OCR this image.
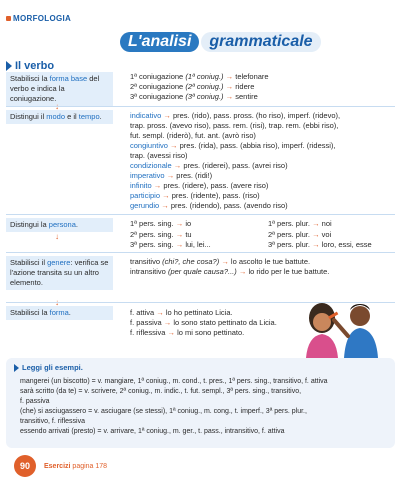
MORFOLOGIA
L'analisi grammaticale
Il verbo
Stabilisci la forma base del verbo e indica la coniugazione.
Distingui il modo e il tempo.
↓
Distingui la persona.
Stabilisci il genere: verifica se l'azione transita su un altro elemento.
Stabilisci la forma.
1ª coniugazione (1ª coniug.) → telefonare
2ª coniugazione (2ª coniug.) → ridere
3ª coniugazione (3ª coniug.) → sentire
indicativo → pres. (rido), pass. pross. (ho riso), imperf. (ridevo),
trap. pross. (avevo riso), pass. rem. (risi), trap. rem. (ebbi riso),
fut. sempl. (riderò), fut. ant. (avrò riso)
congiuntivo → pres. (rida), pass. (abbia riso), imperf. (ridessi),
trap. (avessi riso)
condizionale → pres. (riderei), pass. (avrei riso)
imperativo → pres. (ridi!)
infinito → pres. (ridere), pass. (avere riso)
participio → pres. (ridente), pass. (riso)
gerundio → pres. (ridendo), pass. (avendo riso)
1ª pers. sing. → io
2ª pers. sing. → tu
3ª pers. sing. → lui, lei...
1ª pers. plur. → noi
2ª pers. plur. → voi
3ª pers. plur. → loro, essi, esse
transitivo (chi?, che cosa?) → lo ascolto le tue battute.
intransitivo (per quale causa?...) → lo rido per le tue battute.
f. attiva → lo ho pettinato Licia.
f. passiva → lo sono stato pettinato da Licia.
f. riflessiva → lo mi sono pettinato.
Leggi gli esempi.
mangerei (un biscotto) = v. mangiare, 1ª coniug., m. cond., t. pres., 1ª pers. sing., transitivo, f. attiva
sarà scritto (da te) = v. scrivere, 2ª coniug., m. indic., t. fut. sempl., 3ª pers. sing., transitivo,
f. passiva
(che) si asciugassero = v. asciugare (se stessi), 1ª coniug., m. cong., t. imperf., 3ª pers. plur.,
transitivo, f. riflessiva
essendo arrivati (presto) = v. arrivare, 1ª coniug., m. ger., t. pass., intransitivo, f. attiva
90	Esercizi pagina 178
